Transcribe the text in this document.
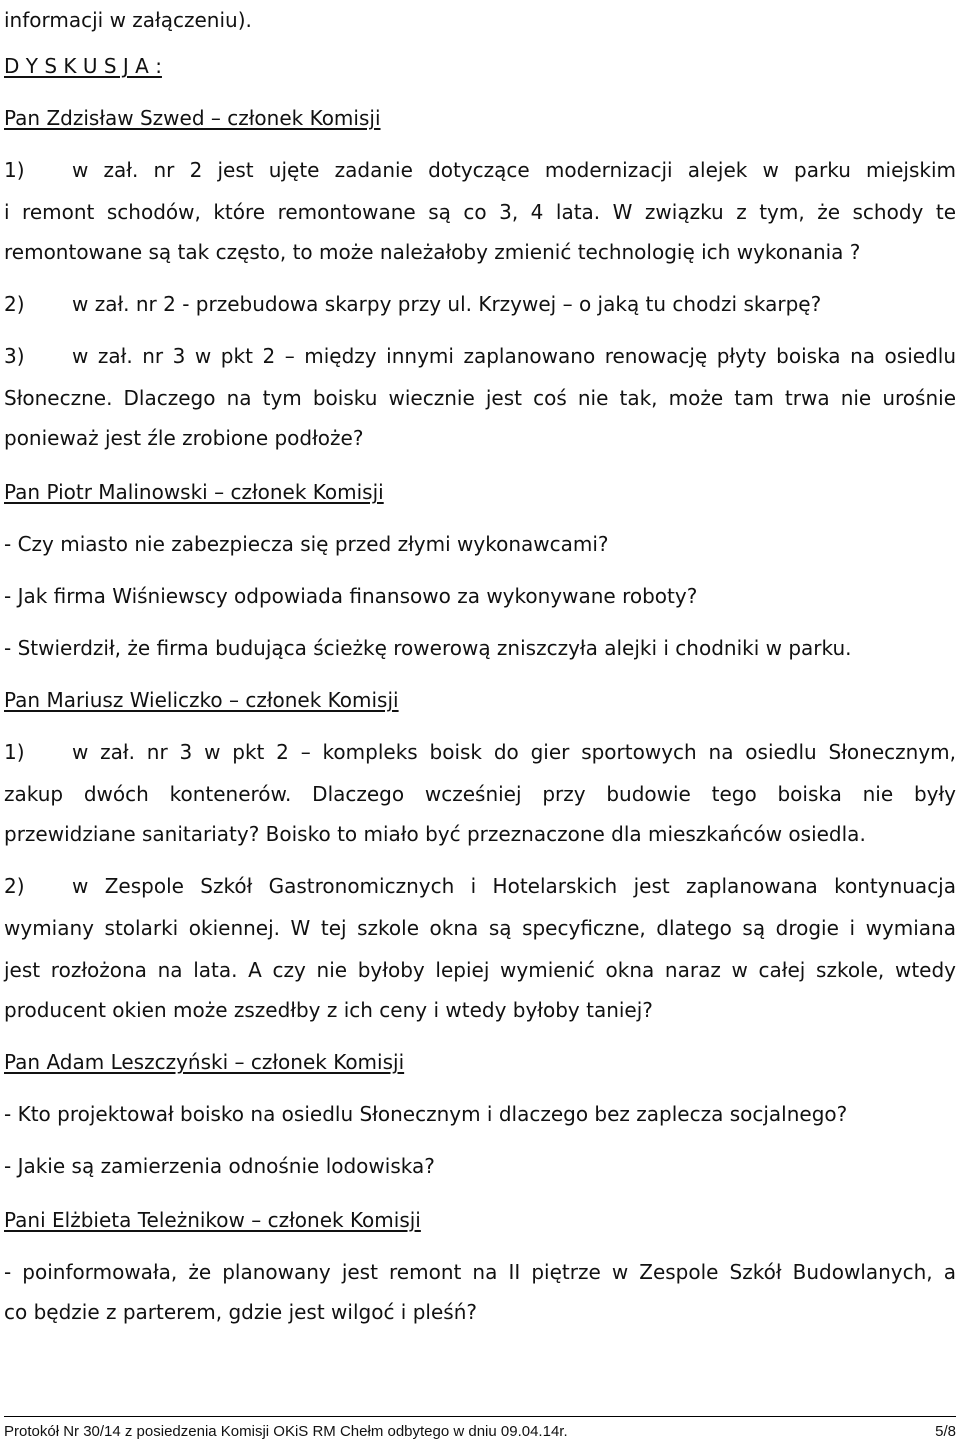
informacji w załączeniu).
D Y S K U S J A :
Pan Zdzisław Szwed – członek Komisji
1) w zał. nr 2 jest ujęte zadanie dotyczące modernizacji alejek w parku miejskim
i remont schodów, które remontowane są co 3, 4 lata. W związku z tym, że schody te
remontowane są tak często, to może należałoby zmienić technologię ich wykonania ?
2) w zał. nr 2 - przebudowa skarpy przy ul. Krzywej – o jaką tu chodzi skarpę?
3) w zał. nr 3 w pkt 2 – między innymi zaplanowano renowację płyty boiska na osiedlu
Słoneczne. Dlaczego na tym boisku wiecznie jest coś nie tak, może tam trwa nie urośnie
ponieważ jest źle zrobione podłoże?
Pan Piotr Malinowski – członek Komisji
- Czy miasto nie zabezpiecza się przed złymi wykonawcami?
- Jak firma Wiśniewscy odpowiada finansowo za wykonywane roboty?
- Stwierdził, że firma budująca ścieżkę rowerową zniszczyła alejki i chodniki w parku.
Pan Mariusz Wieliczko – członek Komisji
1) w zał. nr 3 w pkt 2 – kompleks boisk do gier sportowych na osiedlu Słonecznym,
zakup dwóch kontenerów. Dlaczego wcześniej przy budowie tego boiska nie były
przewidziane sanitariaty? Boisko to miało być przeznaczone dla mieszkańców osiedla.
2) w Zespole Szkół Gastronomicznych i Hotelarskich jest zaplanowana kontynuacja
wymiany stolarki okiennej. W tej szkole okna są specyficzne, dlatego są drogie i wymiana
jest rozłożona na lata. A czy nie byłoby lepiej wymienić okna naraz w całej szkole, wtedy
producent okien może zszedłby z ich ceny i wtedy byłoby taniej?
Pan Adam Leszczyński – członek Komisji
- Kto projektował boisko na osiedlu Słonecznym i dlaczego bez zaplecza socjalnego?
- Jakie są zamierzenia odnośnie lodowiska?
Pani Elżbieta Teleżnikow – członek Komisji
- poinformowała, że planowany jest remont na II piętrze w Zespole Szkół Budowlanych, a
co będzie z parterem, gdzie jest wilgoć i pleśń?
Protokół Nr 30/14 z posiedzenia Komisji OKiS RM Chełm odbytego w dniu 09.04.14r.	5/8
